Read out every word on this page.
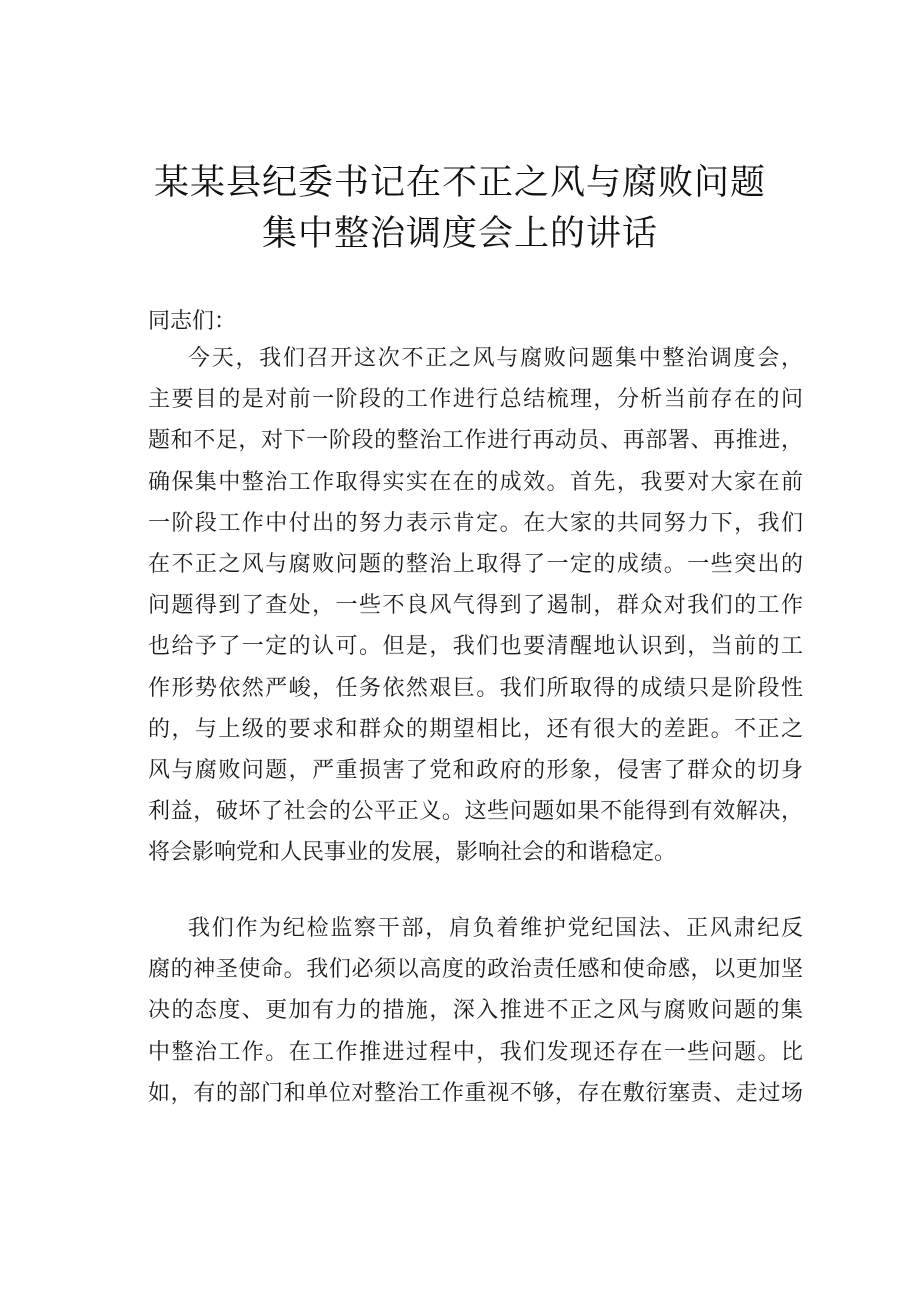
某某县纪委书记在不正之风与腐败问题
集中整治调度会上的讲话
同志们：
今天，我们召开这次不正之风与腐败问题集中整治调度会，
主要目的是对前一阶段的工作进行总结梳理，分析当前存在的问
题和不足，对下一阶段的整治工作进行再动员、再部署、再推进，
确保集中整治工作取得实实在在的成效。首先，我要对大家在前
一阶段工作中付出的努力表示肯定。在大家的共同努力下，我们
在不正之风与腐败问题的整治上取得了一定的成绩。一些突出的
问题得到了查处，一些不良风气得到了遏制，群众对我们的工作
也给予了一定的认可。但是，我们也要清醒地认识到，当前的工
作形势依然严峻，任务依然艰巨。我们所取得的成绩只是阶段性
的，与上级的要求和群众的期望相比，还有很大的差距。不正之
风与腐败问题，严重损害了党和政府的形象，侵害了群众的切身
利益，破坏了社会的公平正义。这些问题如果不能得到有效解决，
将会影响党和人民事业的发展，影响社会的和谐稳定。
我们作为纪检监察干部，肩负着维护党纪国法、正风肃纪反
腐的神圣使命。我们必须以高度的政治责任感和使命感，以更加坚
决的态度、更加有力的措施，深入推进不正之风与腐败问题的集
中整治工作。在工作推进过程中，我们发现还存在一些问题。比
如，有的部门和单位对整治工作重视不够，存在敷衍塞责、走过场
